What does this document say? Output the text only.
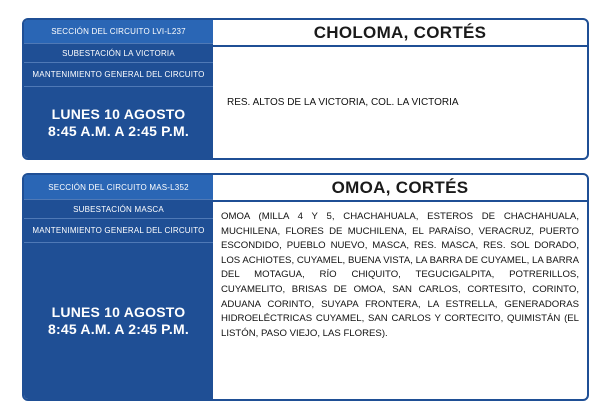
SECCIÓN DEL CIRCUITO LVI-L237
SUBESTACIÓN LA VICTORIA
MANTENIMIENTO GENERAL DEL CIRCUITO
LUNES 10 AGOSTO
8:45 A.M. A 2:45 P.M.
CHOLOMA, CORTÉS
RES. ALTOS DE LA VICTORIA, COL. LA VICTORIA
SECCIÓN DEL CIRCUITO MAS-L352
SUBESTACIÓN MASCA
MANTENIMIENTO GENERAL DEL CIRCUITO
LUNES 10 AGOSTO
8:45 A.M. A 2:45 P.M.
OMOA, CORTÉS
OMOA (MILLA 4 Y 5, CHACHAHUALA, ESTEROS DE CHACHAHUALA, MUCHILENA, FLORES DE MUCHILENA, EL PARAÍSO, VERACRUZ, PUERTO ESCONDIDO, PUEBLO NUEVO, MASCA, RES. MASCA, RES. SOL DORADO, LOS ACHIOTES, CUYAMEL, BUENA VISTA, LA BARRA DE CUYAMEL, LA BARRA DEL MOTAGUA, RÍO CHIQUITO, TEGUCIGALPITA, POTRERILLOS, CUYAMELITO, BRISAS DE OMOA, SAN CARLOS, CORTESITO, CORINTO, ADUANA CORINTO, SUYAPA FRONTERA, LA ESTRELLA, GENERADORAS HIDROELÉCTRICAS CUYAMEL, SAN CARLOS Y CORTECITO, QUIMISTÁN (EL LISTÓN, PASO VIEJO, LAS FLORES).
